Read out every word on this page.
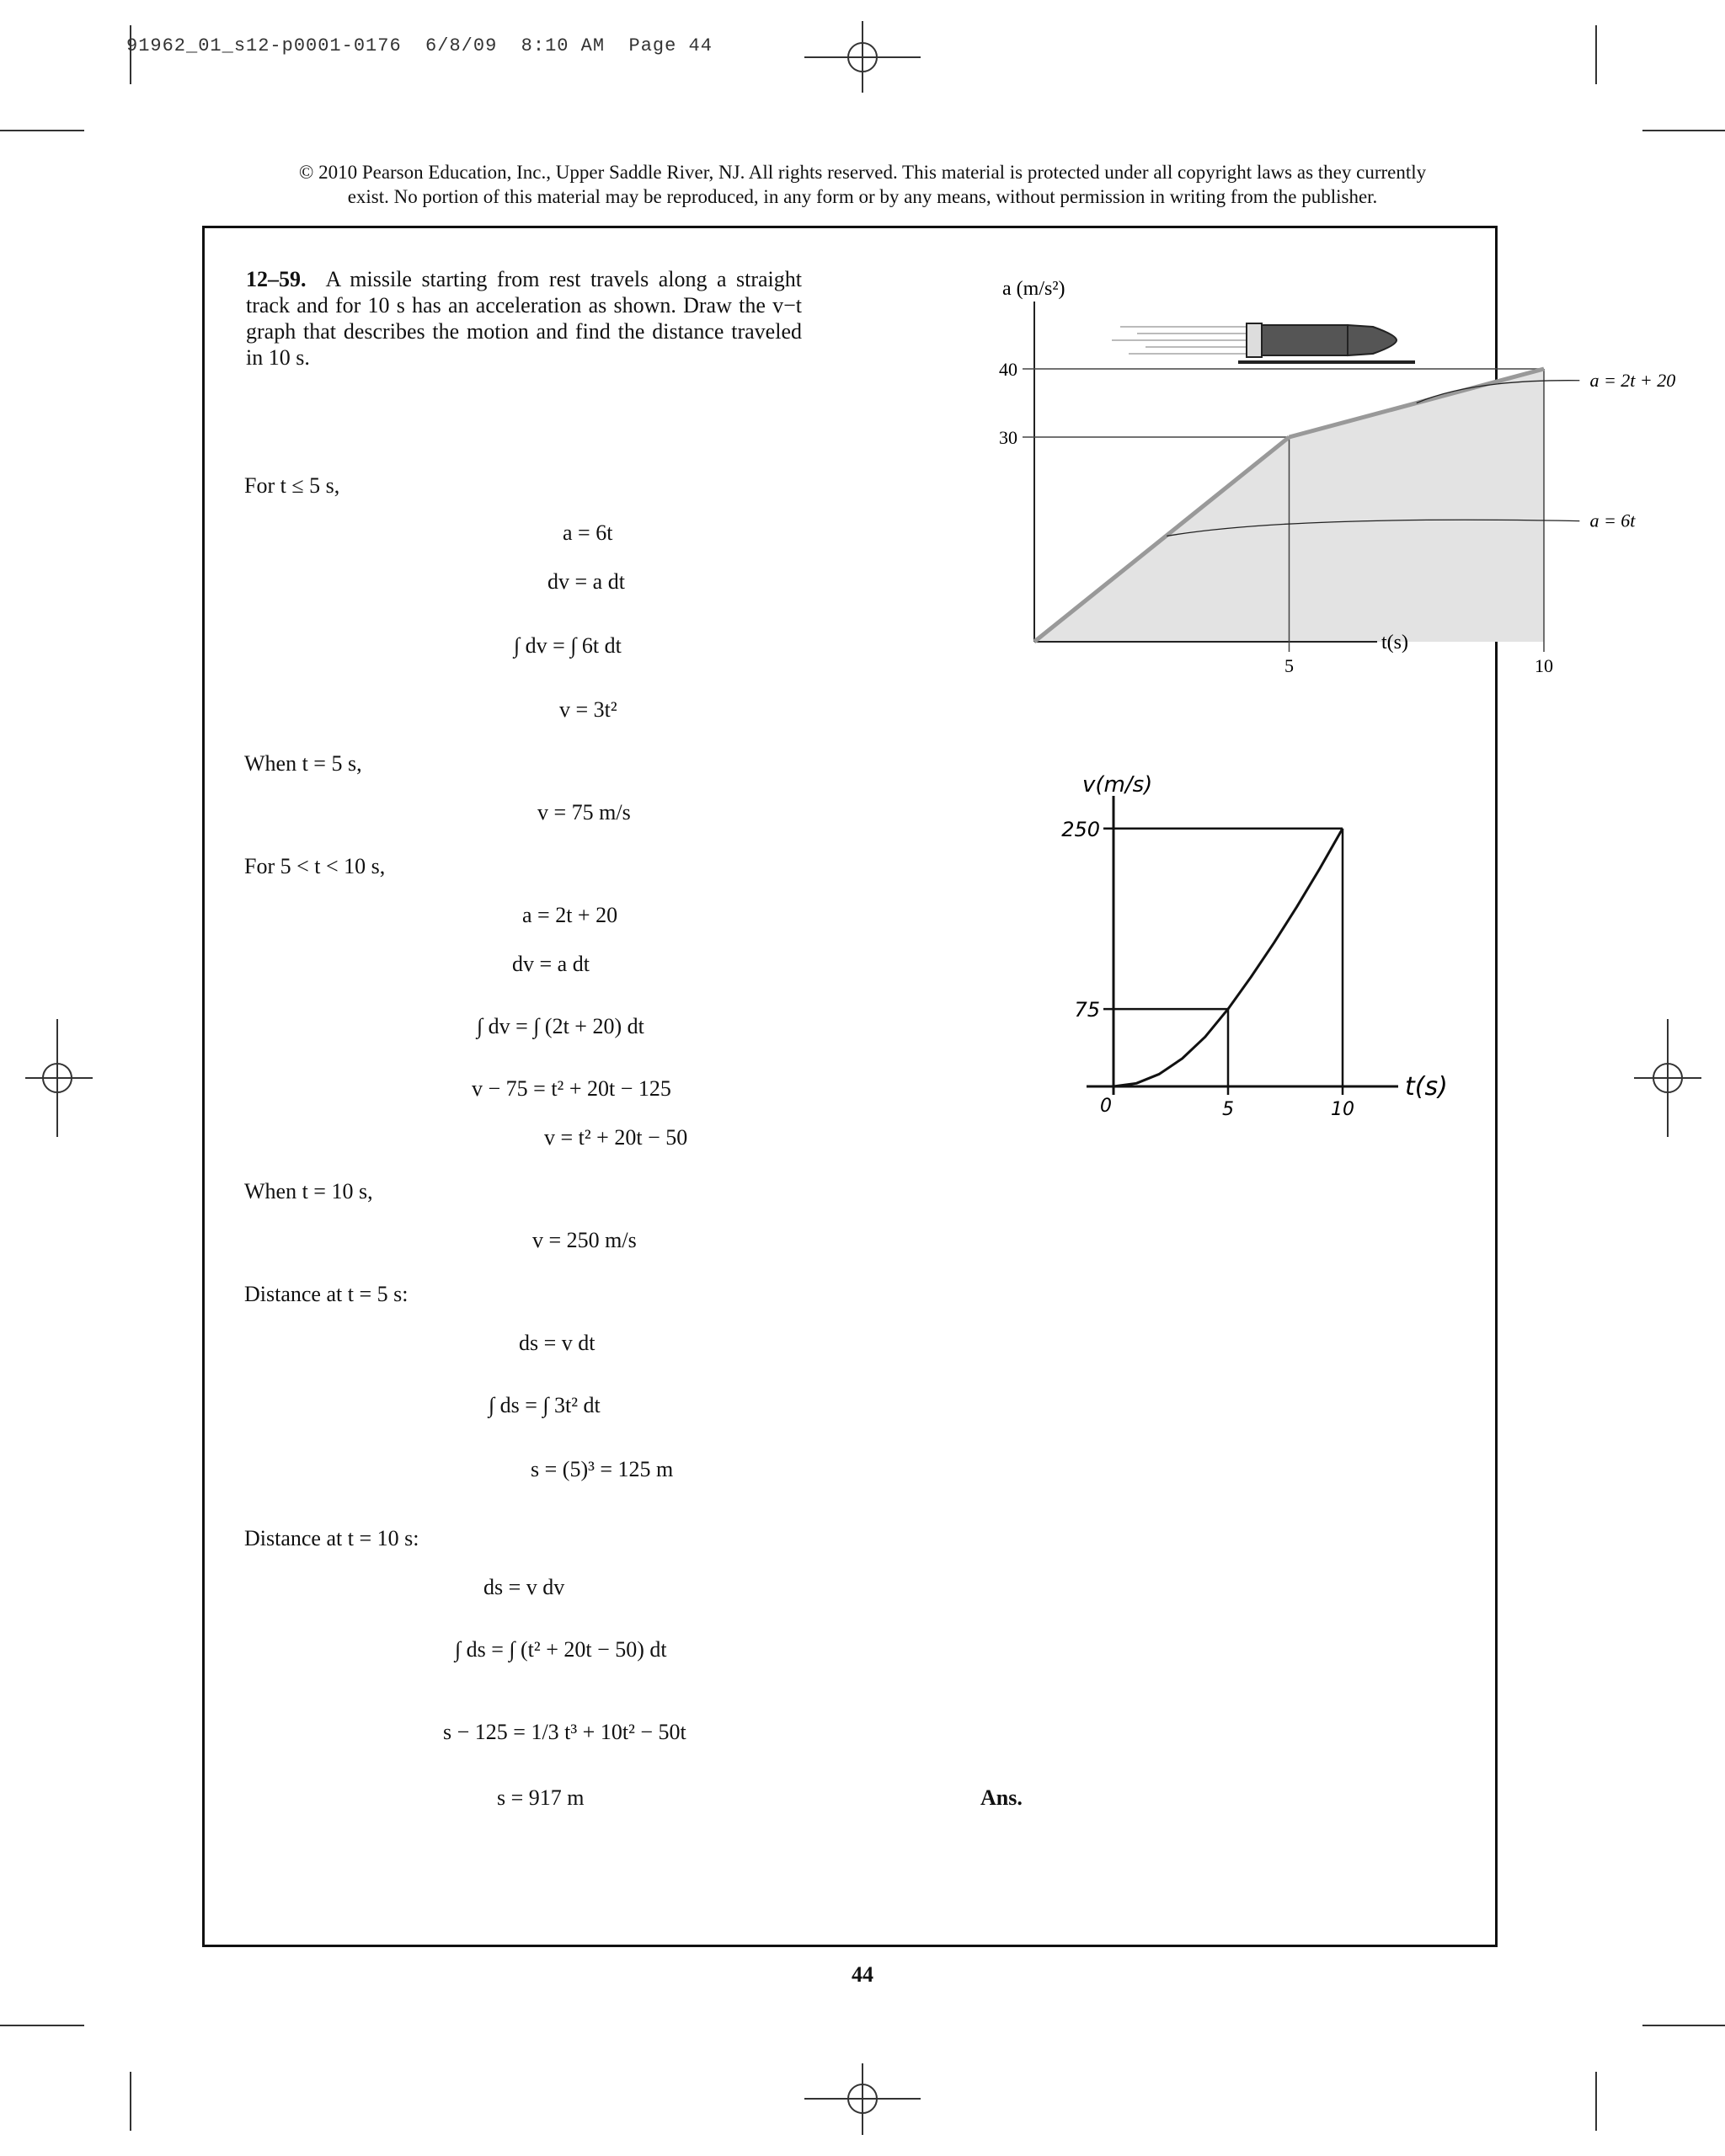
91962_01_s12-p0001-0176  6/8/09  8:10 AM  Page 44
© 2010 Pearson Education, Inc., Upper Saddle River, NJ. All rights reserved. This material is protected under all copyright laws as they currently
exist. No portion of this material may be reproduced, in any form or by any means, without permission in writing from the publisher.
12–59. A missile starting from rest travels along a straight track and for 10 s has an acceleration as shown. Draw the v−t graph that describes the motion and find the distance traveled in 10 s.
For t ≤ 5 s,
a = 6t
dv = a dt
∫ dv = ∫ 6t dt
v = 3t²
When t = 5 s,
v = 75 m/s
For 5 < t < 10 s,
a = 2t + 20
dv = a dt
∫ dv = ∫ (2t + 20) dt
v − 75 = t² + 20t − 125
v = t² + 20t − 50
When t = 10 s,
v = 250 m/s
Distance at t = 5 s:
ds = v dt
∫ ds = ∫ 3t² dt
s = (5)³ = 125 m
Distance at t = 10 s:
ds = v dv
∫ ds = ∫ (t² + 20t − 50) dt
s − 125 = 1/3 t³ + 10t² − 50t
s = 917 m	Ans.
a (m/s²)
t(s)
30
40
5	10
a = 2t + 20
a = 6t
v(m/s)
t(s)
0
75
250
5	10
44
